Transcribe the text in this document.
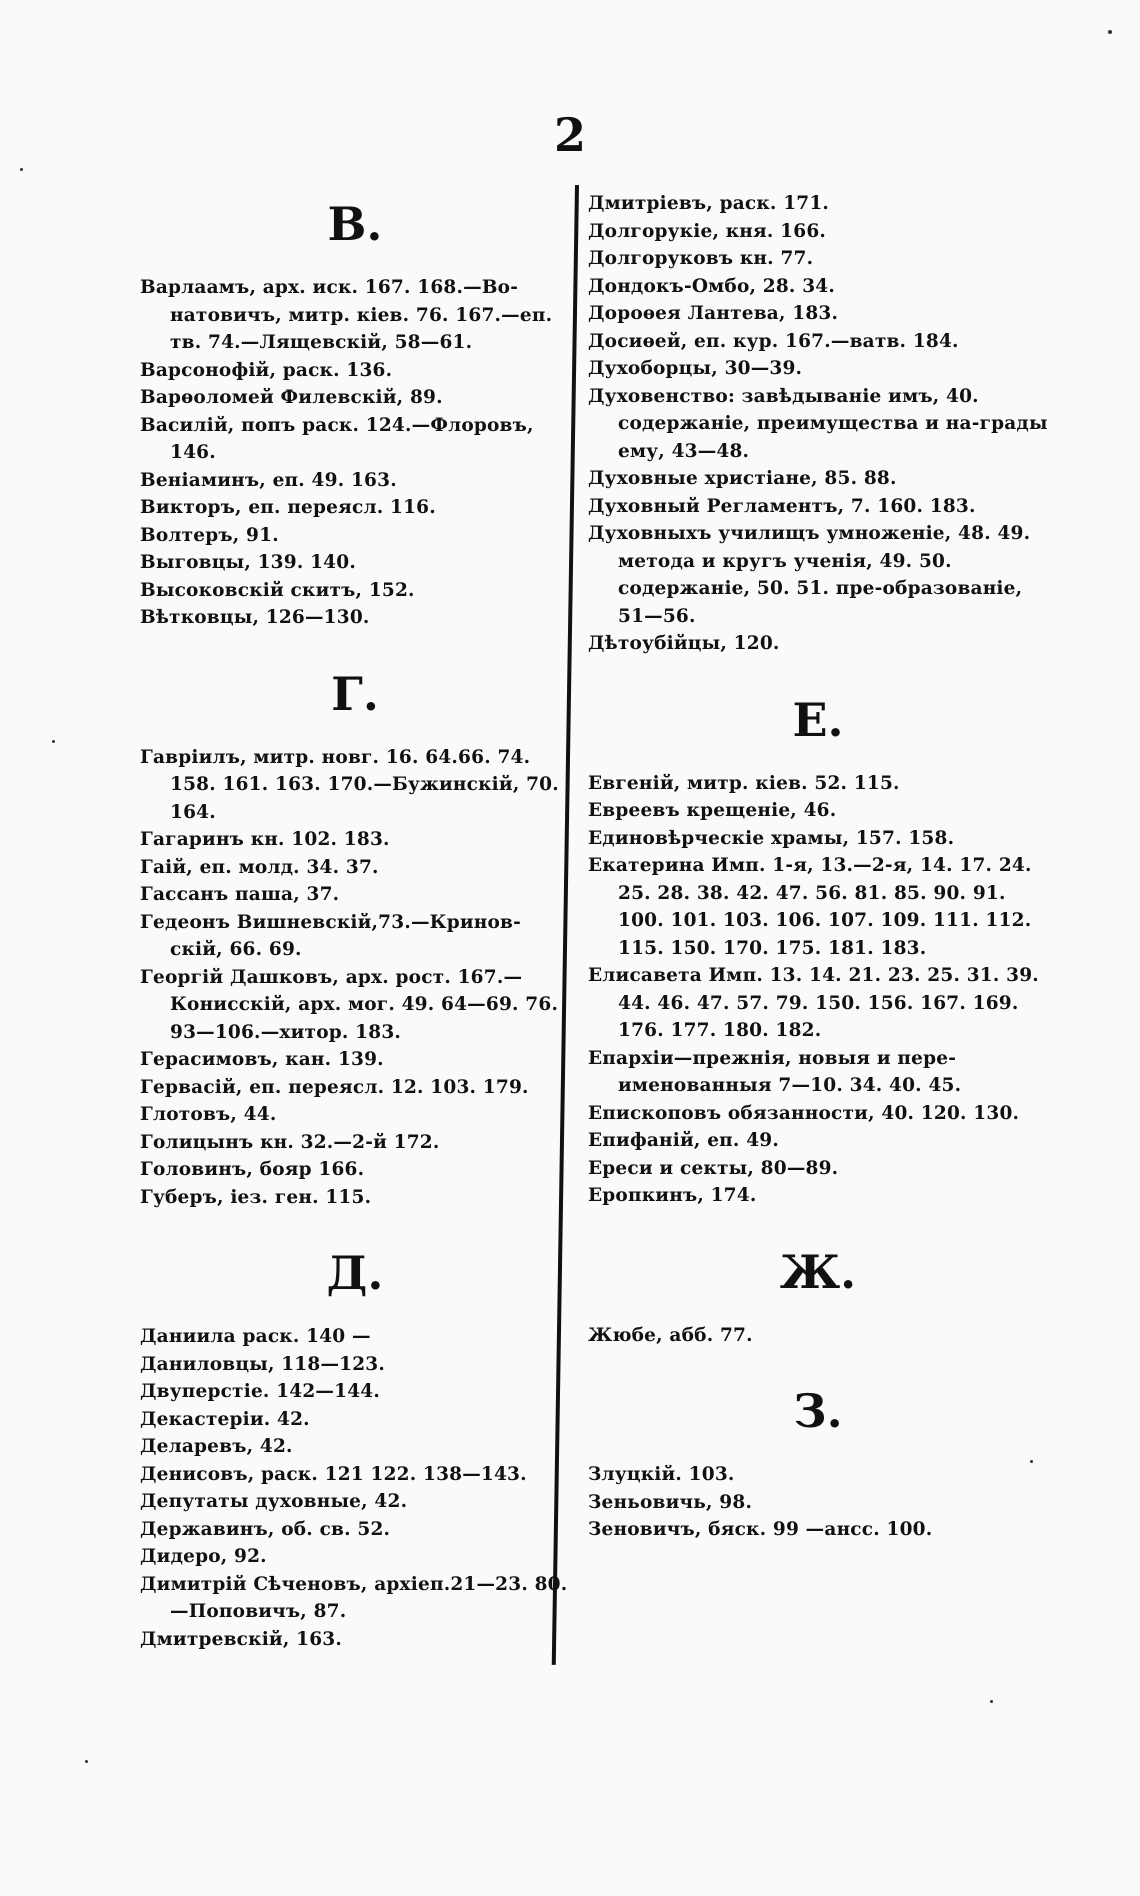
2
В.
Варлаамъ, арх. иск. 167. 168.—Во-натовичъ, митр. кіев. 76. 167.—еп. тв. 74.—Лящевскій, 58—61.
Варсонофій, раск. 136.
Варѳоломей Филевскій, 89.
Василій, попъ раск. 124.—Флоровъ, 146.
Веніаминъ, еп. 49. 163.
Викторъ, еп. переясл. 116.
Волтеръ, 91.
Выговцы, 139. 140.
Высоковскій скитъ, 152.
Вѣтковцы, 126—130.
Г.
Гавріилъ, митр. новг. 16. 64.66. 74. 158. 161. 163. 170.—Бужинскій, 70. 164.
Гагаринъ кн. 102. 183.
Гаій, еп. молд. 34. 37.
Гассанъ паша, 37.
Гедеонъ Вишневскій,73.—Кринов-скій, 66. 69.
Георгій Дашковъ, арх. рост. 167.—Конисскій, арх. мог. 49. 64—69. 76. 93—106.—хитор. 183.
Герасимовъ, кан. 139.
Гервасій, еп. переясл. 12. 103. 179.
Глотовъ, 44.
Голицынъ кн. 32.—2-й 172.
Головинъ, бояр 166.
Губеръ, іез. ген. 115.
Д.
Даниила раск. 140 —
Даниловцы, 118—123.
Двуперстіе. 142—144.
Декастеріи. 42.
Деларевъ, 42.
Денисовъ, раск. 121 122. 138—143.
Депутаты духовные, 42.
Державинъ, об. св. 52.
Дидеро, 92.
Димитрій Сѣченовъ, архіеп.21—23. 80.—Поповичъ, 87.
Дмитревскій, 163.
Дмитріевъ, раск. 171.
Долгорукіе, кня. 166.
Долгоруковъ кн. 77.
Дондокъ-Омбо, 28. 34.
Дороѳея Лантева, 183.
Досиѳей, еп. кур. 167.—ватв. 184.
Духоборцы, 30—39.
Духовенство: завѣдываніе имъ, 40. содержаніе, преимущества и на-грады ему, 43—48.
Духовные христіане, 85. 88.
Духовный Регламентъ, 7. 160. 183.
Духовныхъ училищъ умноженіе, 48. 49. метода и кругъ ученія, 49. 50. содержаніе, 50. 51. пре-образованіе, 51—56.
Дѣтоубійцы, 120.
Е.
Евгеній, митр. кіев. 52. 115.
Евреевъ крещеніе, 46.
Единовѣрческіе храмы, 157. 158.
Екатерина Имп. 1-я, 13.—2-я, 14. 17. 24. 25. 28. 38. 42. 47. 56. 81. 85. 90. 91. 100. 101. 103. 106. 107. 109. 111. 112. 115. 150. 170. 175. 181. 183.
Елисавета Имп. 13. 14. 21. 23. 25. 31. 39. 44. 46. 47. 57. 79. 150. 156. 167. 169. 176. 177. 180. 182.
Епархіи—прежнія, новыя и пере-именованныя 7—10. 34. 40. 45.
Епископовъ обязанности, 40. 120. 130.
Епифаній, еп. 49.
Ереси и секты, 80—89.
Еропкинъ, 174.
Ж.
Жюбе, абб. 77.
З.
Злуцкій. 103.
Зеньовичь, 98.
Зеновичъ, бяск. 99 —ансс. 100.
